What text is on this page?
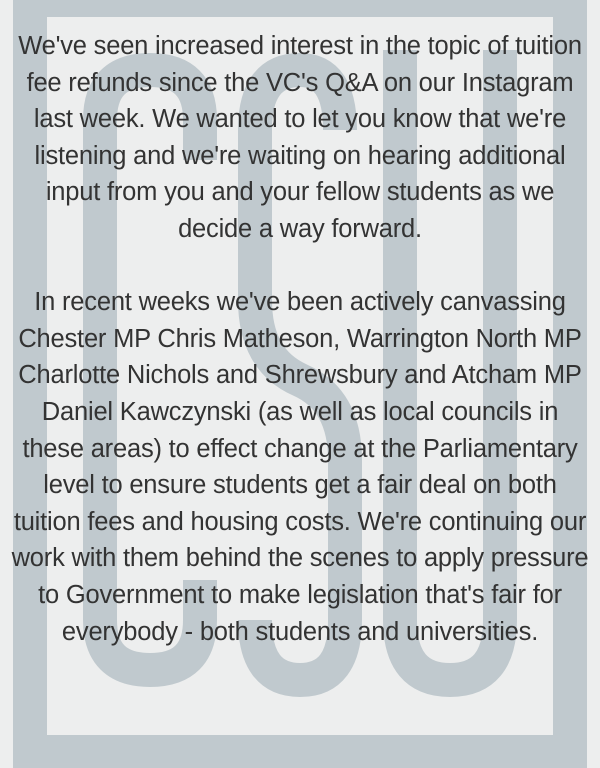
We've seen increased interest in the topic of tuition fee refunds since the VC's Q&A on our Instagram last week. We wanted to let you know that we're listening and we're waiting on hearing additional input from you and your fellow students as we decide a way forward.

In recent weeks we've been actively canvassing Chester MP Chris Matheson, Warrington North MP Charlotte Nichols and Shrewsbury and Atcham MP Daniel Kawczynski (as well as local councils in these areas) to effect change at the Parliamentary level to ensure students get a fair deal on both tuition fees and housing costs. We're continuing our work with them behind the scenes to apply pressure to Government to make legislation that's fair for everybody - both students and universities.
